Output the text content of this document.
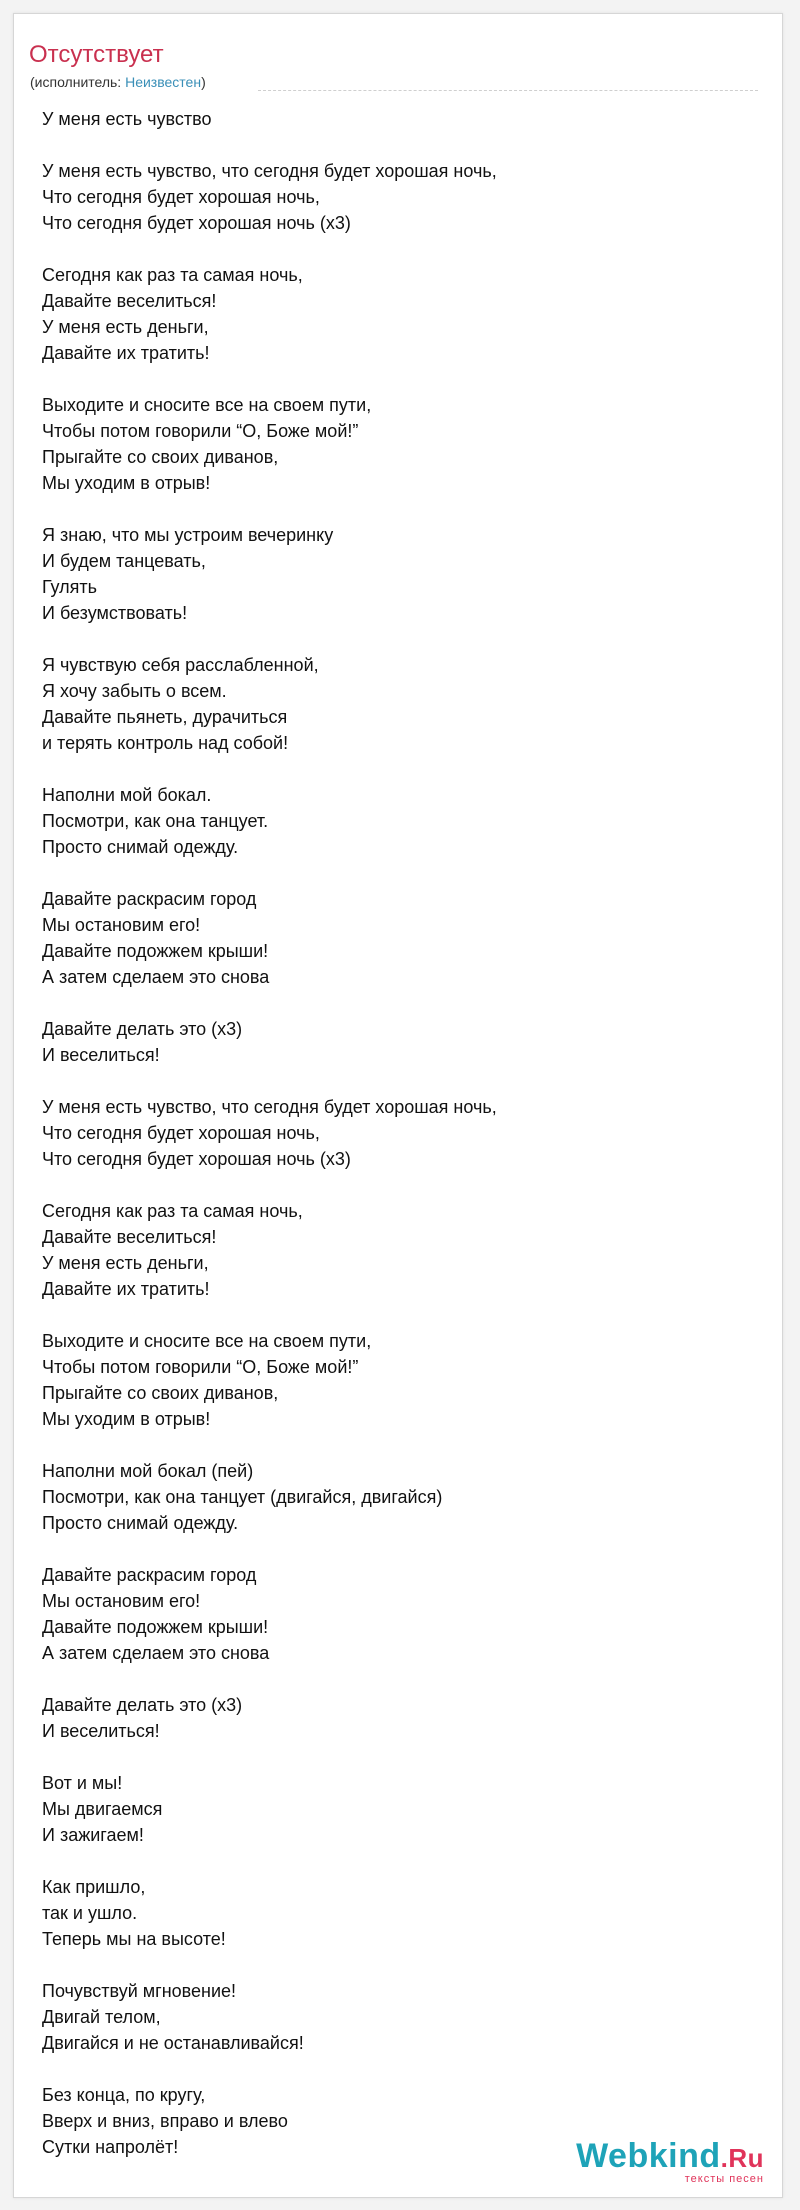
Отсутствует
(исполнитель: Неизвестен)
У меня есть чувство
У меня есть чувство, что сегодня будет хорошая ночь,
Что сегодня будет хорошая ночь,
Что сегодня будет хорошая ночь (x3)
Сегодня как раз та самая ночь,
Давайте веселиться!
У меня есть деньги,
Давайте их тратить!
Выходите и сносите все на своем пути,
Чтобы потом говорили “О, Боже мой!”
Прыгайте со своих диванов,
Мы уходим в отрыв!
Я знаю, что мы устроим вечеринку
И будем танцевать,
Гулять
И безумствовать!
Я чувствую себя расслабленной,
Я хочу забыть о всем.
Давайте пьянеть, дурачиться
и терять контроль над собой!
Наполни мой бокал.
Посмотри, как она танцует.
Просто снимай одежду.
Давайте раскрасим город
Мы остановим его!
Давайте подожжем крыши!
А затем сделаем это снова
Давайте делать это (x3)
И веселиться!
У меня есть чувство, что сегодня будет хорошая ночь,
Что сегодня будет хорошая ночь,
Что сегодня будет хорошая ночь (x3)
Сегодня как раз та самая ночь,
Давайте веселиться!
У меня есть деньги,
Давайте их тратить!
Выходите и сносите все на своем пути,
Чтобы потом говорили “О, Боже мой!”
Прыгайте со своих диванов,
Мы уходим в отрыв!
Наполни мой бокал (пей)
Посмотри, как она танцует (двигайся, двигайся)
Просто снимай одежду.
Давайте раскрасим город
Мы остановим его!
Давайте подожжем крыши!
А затем сделаем это снова
Давайте делать это (x3)
И веселиться!
Вот и мы!
Мы двигаемся
И зажигаем!
Как пришло,
так и ушло.
Теперь мы на высоте!
Почувствуй мгновение!
Двигай телом,
Двигайся и не останавливайся!
Без конца, по кругу,
Вверх и вниз, вправо и влево
Сутки напролёт!	Webkind.Ru
тексты песен
